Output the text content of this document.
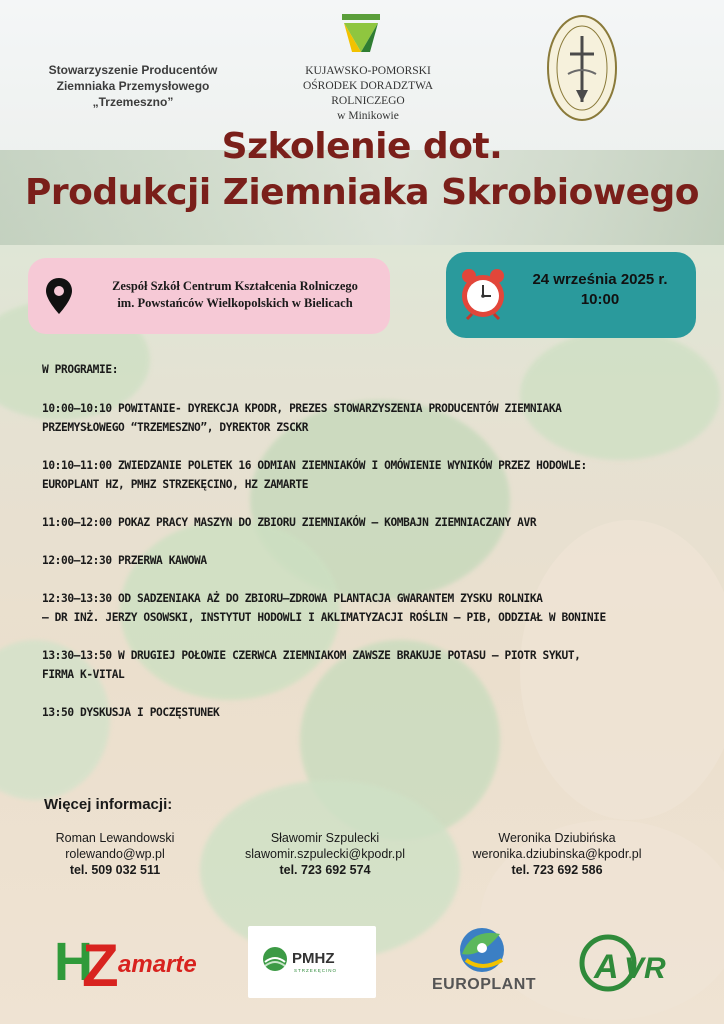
Stowarzyszenie Producentów
Ziemniaka Przemysłowego
„Trzemeszno”
KUJAWSKO-POMORSKI
OŚRODEK DORADZTWA ROLNICZEGO
w Minikowie
Szkolenie dot.
Produkcji Ziemniaka Skrobiowego
Zespół Szkół Centrum Kształcenia Rolniczego
im. Powstańców Wielkopolskich w Bielicach
24 września 2025 r.
10:00
W PROGRAMIE:
10:00–10:10 POWITANIE- DYREKCJA KPODR, PREZES STOWARZYSZENIA PRODUCENTÓW ZIEMNIAKA
PRZEMYSŁOWEGO “TRZEMESZNO”, DYREKTOR ZSCKR
10:10–11:00 ZWIEDZANIE POLETEK 16 ODMIAN ZIEMNIAKÓW I OMÓWIENIE WYNIKÓW PRZEZ HODOWLE:
EUROPLANT HZ, PMHZ STRZEKĘCINO, HZ ZAMARTE
11:00–12:00 POKAZ PRACY MASZYN DO ZBIORU ZIEMNIAKÓW – KOMBAJN ZIEMNIACZANY AVR
12:00–12:30 PRZERWA KAWOWA
12:30–13:30 OD SADZENIAKA AŻ DO ZBIORU–ZDROWA PLANTACJA GWARANTEM ZYSKU ROLNIKA
– DR INŻ. JERZY OSOWSKI, INSTYTUT HODOWLI I AKLIMATYZACJI ROŚLIN – PIB, ODDZIAŁ W BONINIE
13:30–13:50 W DRUGIEJ POŁOWIE CZERWCA ZIEMNIAKOM ZAWSZE BRAKUJE POTASU – PIOTR SYKUT,
FIRMA K-VITAL
13:50 DYSKUSJA I POCZĘSTUNEK
Więcej informacji:
Roman Lewandowski
rolewando@wp.pl
tel. 509 032 511
Sławomir Szpulecki
slawomir.szpulecki@kpodr.pl
tel. 723 692 574
Weronika Dziubińska
weronika.dziubinska@kpodr.pl
tel. 723 692 586
H
Z amarte	PMHZ
STRZEKĘCINO
EUROPLANT A VR
